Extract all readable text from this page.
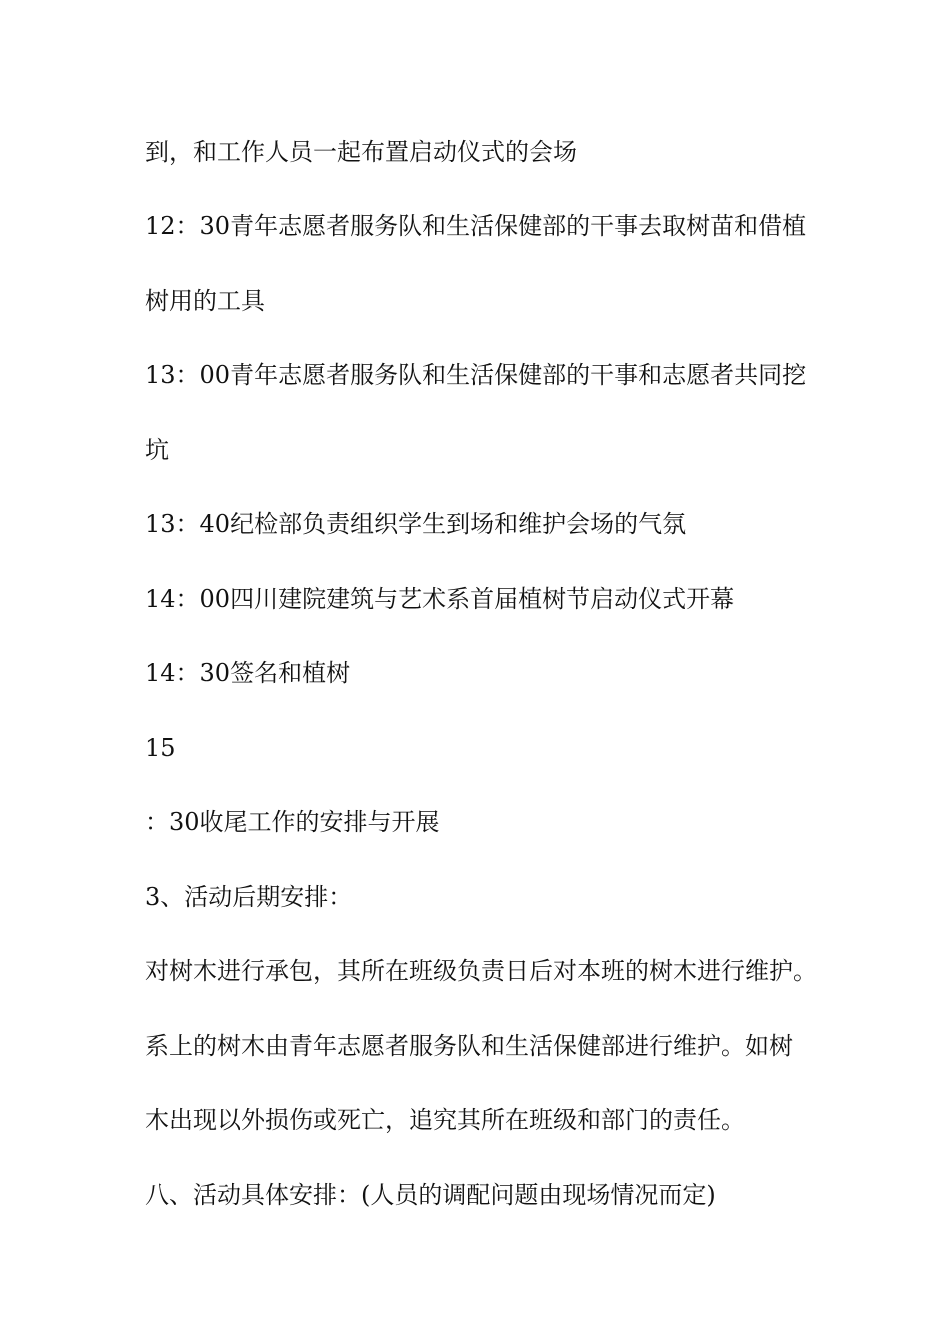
到，和工作人员一起布置启动仪式的会场

12：30青年志愿者服务队和生活保健部的干事去取树苗和借植

树用的工具

13：00青年志愿者服务队和生活保健部的干事和志愿者共同挖

坑

13：40纪检部负责组织学生到场和维护会场的气氛

14：00四川建院建筑与艺术系首届植树节启动仪式开幕

14：30签名和植树

15

：30收尾工作的安排与开展

3、活动后期安排：

对树木进行承包，其所在班级负责日后对本班的树木进行维护。

系上的树木由青年志愿者服务队和生活保健部进行维护。如树

木出现以外损伤或死亡，追究其所在班级和部门的责任。

八、活动具体安排：(人员的调配问题由现场情况而定)
